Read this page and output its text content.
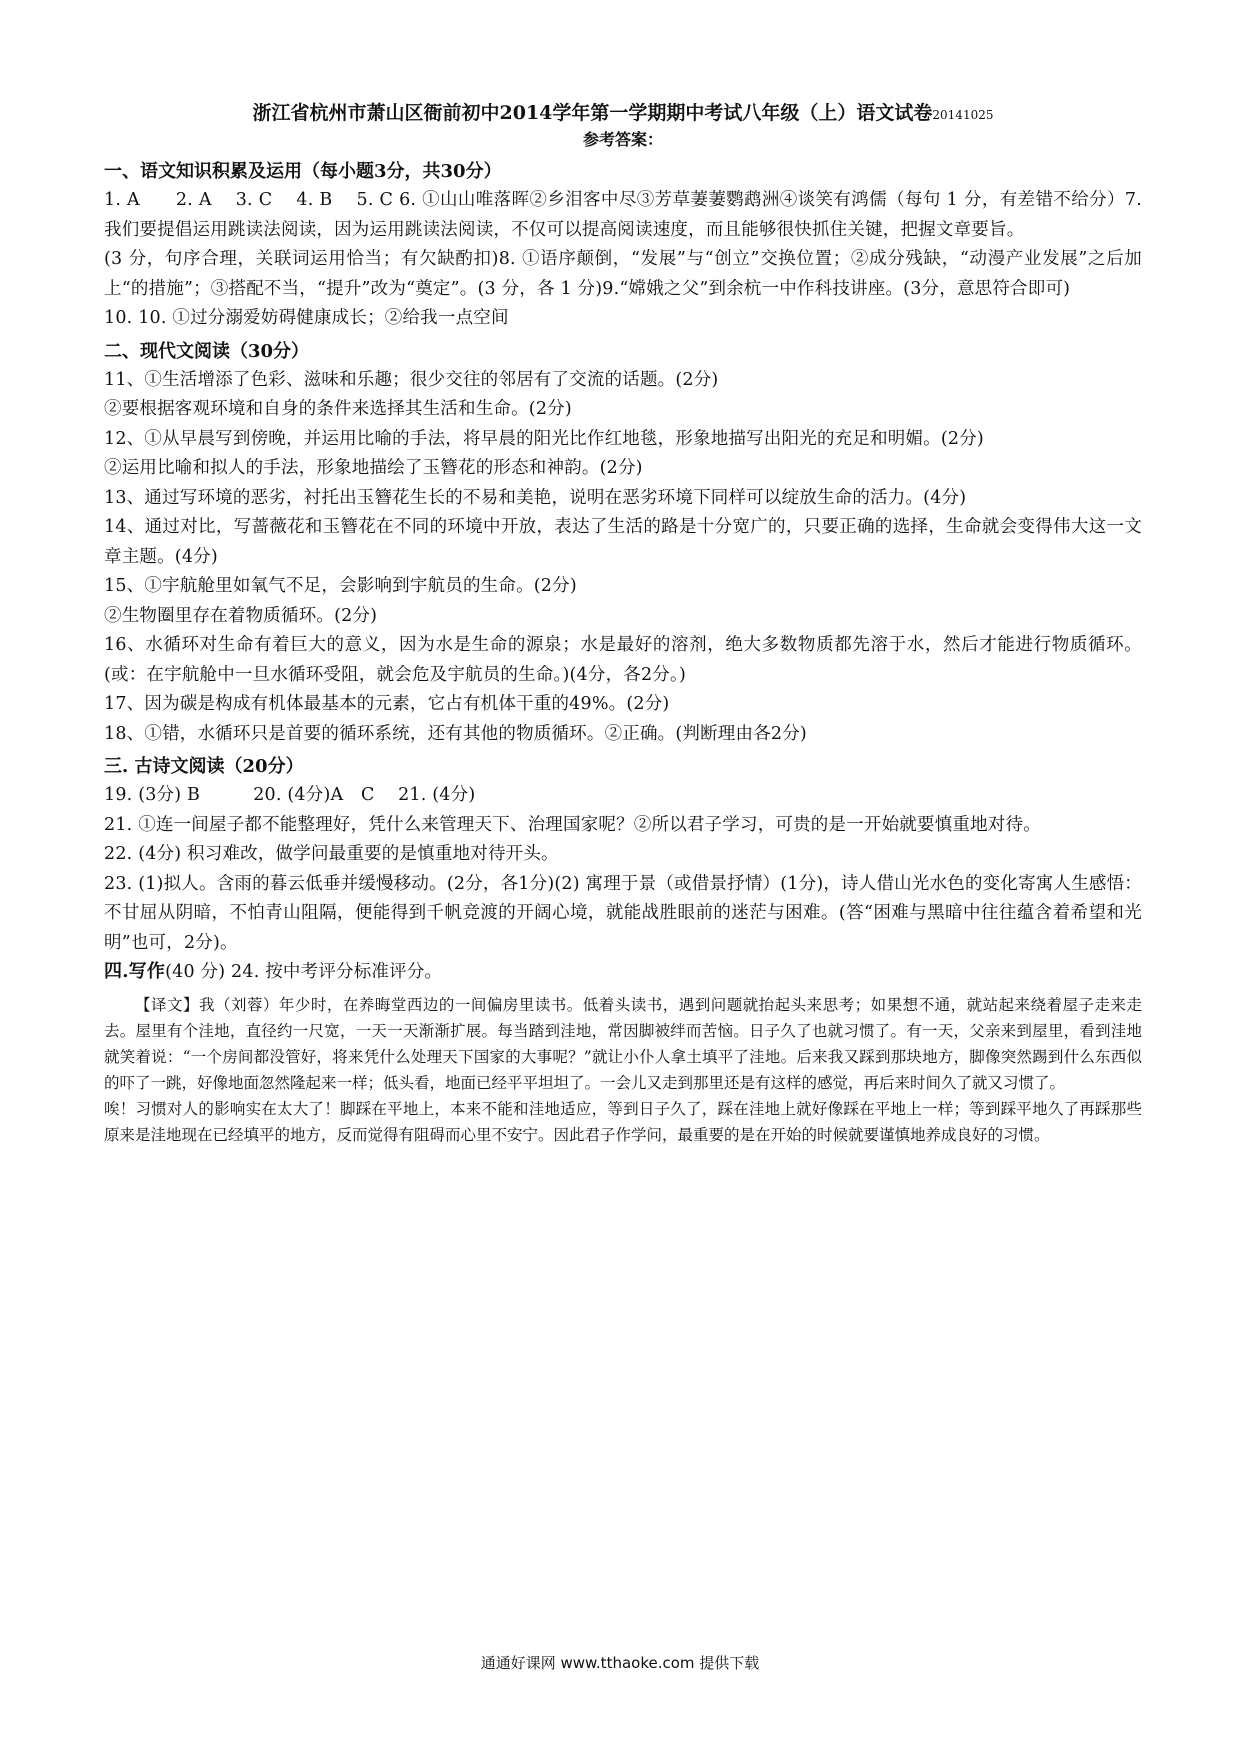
浙江省杭州市萧山区衙前初中2014学年第一学期期中考试八年级（上）语文试卷20141025
参考答案：
一、语文知识积累及运用（每小题3分，共30分）

1. A　　2. A　 3. C　 4. B　 5. C 6. ①山山唯落晖②乡泪客中尽③芳草萋萋鹦鹉洲④谈笑有鸿儒（每句 1 分，有差错不给分）7. 我们要提倡运用跳读法阅读，因为运用跳读法阅读，不仅可以提高阅读速度，而且能够很快抓住关键，把握文章要旨。

(3 分，句序合理，关联词运用恰当；有欠缺酌扣)8. ①语序颠倒，“发展”与“创立”交换位置；②成分残缺，“动漫产业发展”之后加上“的措施”；③搭配不当，“提升”改为“奠定”。(3 分，各 1 分)9.“嫦娥之父”到余杭一中作科技讲座。(3分，意思符合即可)

10. 10. ①过分溺爱妨碍健康成长；②给我一点空间

二、现代文阅读（30分）

11、①生活增添了色彩、滋味和乐趣；很少交往的邻居有了交流的话题。(2分)

②要根据客观环境和自身的条件来选择其生活和生命。(2分)

12、①从早晨写到傍晚，并运用比喻的手法，将早晨的阳光比作红地毯，形象地描写出阳光的充足和明媚。(2分)

②运用比喻和拟人的手法，形象地描绘了玉簪花的形态和神韵。(2分)

13、通过写环境的恶劣，衬托出玉簪花生长的不易和美艳，说明在恶劣环境下同样可以绽放生命的活力。(4分)

14、通过对比，写蔷薇花和玉簪花在不同的环境中开放，表达了生活的路是十分宽广的，只要正确的选择，生命就会变得伟大这一文章主题。(4分)

15、①宇航舱里如氧气不足，会影响到宇航员的生命。(2分)

②生物圈里存在着物质循环。(2分)

16、水循环对生命有着巨大的意义，因为水是生命的源泉；水是最好的溶剂，绝大多数物质都先溶于水，然后才能进行物质循环。(或：在宇航舱中一旦水循环受阻，就会危及宇航员的生命。)(4分，各2分。)

17、因为碳是构成有机体最基本的元素，它占有机体干重的49%。(2分)

18、①错，水循环只是首要的循环系统，还有其他的物质循环。②正确。(判断理由各2分)

三. 古诗文阅读（20分）

19. (3分) B　　　20. (4分)A　C　 21. (4分)

21. ①连一间屋子都不能整理好，凭什么来管理天下、治理国家呢？②所以君子学习，可贵的是一开始就要慎重地对待。

22. (4分) 积习难改，做学问最重要的是慎重地对待开头。

23. (1)拟人。含雨的暮云低垂并缓慢移动。(2分，各1分)(2) 寓理于景（或借景抒情）(1分)，诗人借山光水色的变化寄寓人生感悟：不甘屈从阴暗，不怕青山阻隔，便能得到千帆竞渡的开阔心境，就能战胜眼前的迷茫与困难。(答“困难与黑暗中往往蕴含着希望和光明”也可，2分)。

四.写作(40 分) 24. 按中考评分标准评分。

【译文】我（刘蓉）年少时，在养晦堂西边的一间偏房里读书。低着头读书，遇到问题就抬起头来思考；如果想不通，就站起来绕着屋子走来走去。屋里有个洼地，直径约一尺宽，一天一天渐渐扩展。每当踏到洼地，常因脚被绊而苦恼。日子久了也就习惯了。有一天，父亲来到屋里，看到洼地就笑着说：“一个房间都没管好，将来凭什么处理天下国家的大事呢？”就让小仆人拿土填平了洼地。后来我又踩到那块地方，脚像突然踢到什么东西似的吓了一跳，好像地面忽然隆起来一样；低头看，地面已经平平坦坦了。一会儿又走到那里还是有这样的感觉，再后来时间久了就又习惯了。

唉！习惯对人的影响实在太大了！脚踩在平地上，本来不能和洼地适应，等到日子久了，踩在洼地上就好像踩在平地上一样；等到踩平地久了再踩那些原来是洼地现在已经填平的地方，反而觉得有阻碍而心里不安宁。因此君子作学问，最重要的是在开始的时候就要谨慎地养成良好的习惯。

通通好课网 www.tthaoke.com 提供下载
